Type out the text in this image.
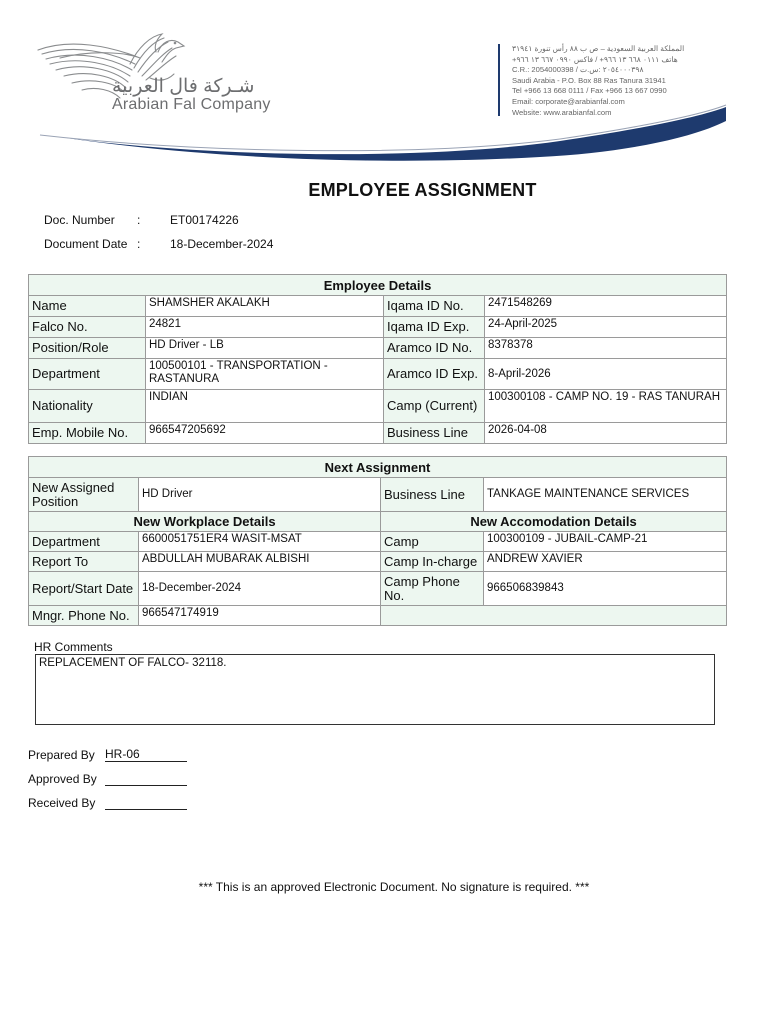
شـركة فال العربية
Arabian Fal Company
المملكة العربية السعودية – ص ب ٨٨ رأس تنورة ٣١٩٤١
هاتف ٠١١١ ٦٦٨ ١٣ ٩٦٦+ / فاكس ٠٩٩٠ ٦٦٧ ١٣ ٩٦٦+
C.R.: 2054000398 / ٢٠٥٤٠٠٠٣٩٨ :س.ت
Saudi Arabia - P.O. Box 88 Ras Tanura 31941
Tel +966 13 668 0111 / Fax +966 13 667 0990
Email: corporate@arabianfal.com
Website: www.arabianfal.com
EMPLOYEE ASSIGNMENT
Doc. Number : ET00174226
Document Date : 18-December-2024
Employee Details			
Name	SHAMSHER AKALAKH	Iqama ID No.	2471548269
Falco No.	24821	Iqama ID Exp.	24-April-2025
Position/Role	HD Driver - LB	Aramco ID No.	8378378
Department	100500101 - TRANSPORTATION - RASTANURA	Aramco ID Exp.	8-April-2026
Nationality	INDIAN	Camp (Current)	100300108 - CAMP NO. 19 - RAS TANURAH
Emp. Mobile No.	966547205692	Business Line	2026-04-08
Next Assignment			
New Assigned Position	HD Driver	Business Line	TANKAGE MAINTENANCE SERVICES
New Workplace Details		New Accomodation Details	
Department	6600051751ER4 WASIT-MSAT	Camp	100300109 - JUBAIL-CAMP-21
Report To	ABDULLAH MUBARAK ALBISHI	Camp In-charge	ANDREW XAVIER
Report/Start Date	18-December-2024	Camp Phone No.	966506839843
Mngr. Phone No.	966547174919		
HR Comments
REPLACEMENT OF FALCO- 32118.
Prepared By HR-06
Approved By
Received By
*** This is an approved Electronic Document. No signature is required. ***
